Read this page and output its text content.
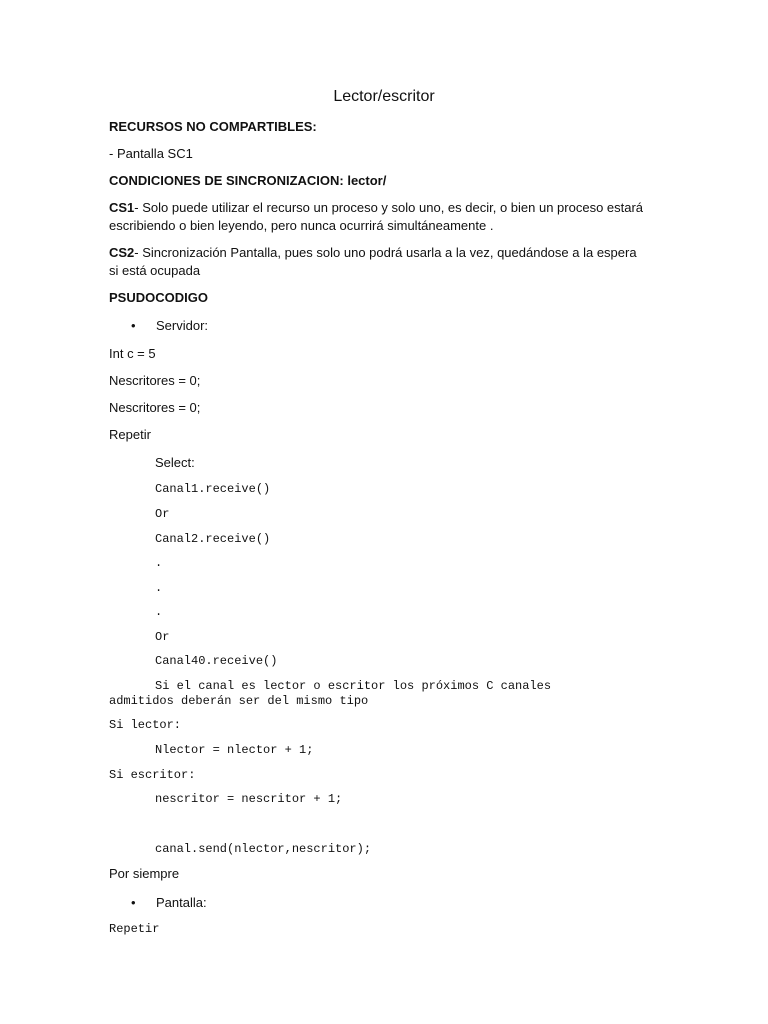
Lector/escritor
RECURSOS NO COMPARTIBLES:
- Pantalla SC1
CONDICIONES DE SINCRONIZACION: lector/
CS1- Solo puede utilizar el recurso un proceso y solo uno, es decir, o bien un proceso estará escribiendo o bien leyendo, pero nunca ocurrirá simultáneamente .
CS2- Sincronización Pantalla, pues solo uno podrá usarla a la vez, quedándose a la espera si está ocupada
PSUDOCODIGO
• Servidor:
Int c = 5
Nescritores = 0;
Nescritores = 0;
Repetir
Select:
Canal1.receive()
Or
Canal2.receive()
.
.
.
Or
Canal40.receive()
Si el canal es lector o escritor los próximos C canales
admitidos deberán ser del mismo tipo
Si lector:
Nlector = nlector + 1;
Si escritor:
nescritor = nescritor + 1;
canal.send(nlector,nescritor);
Por siempre
• Pantalla:
Repetir
